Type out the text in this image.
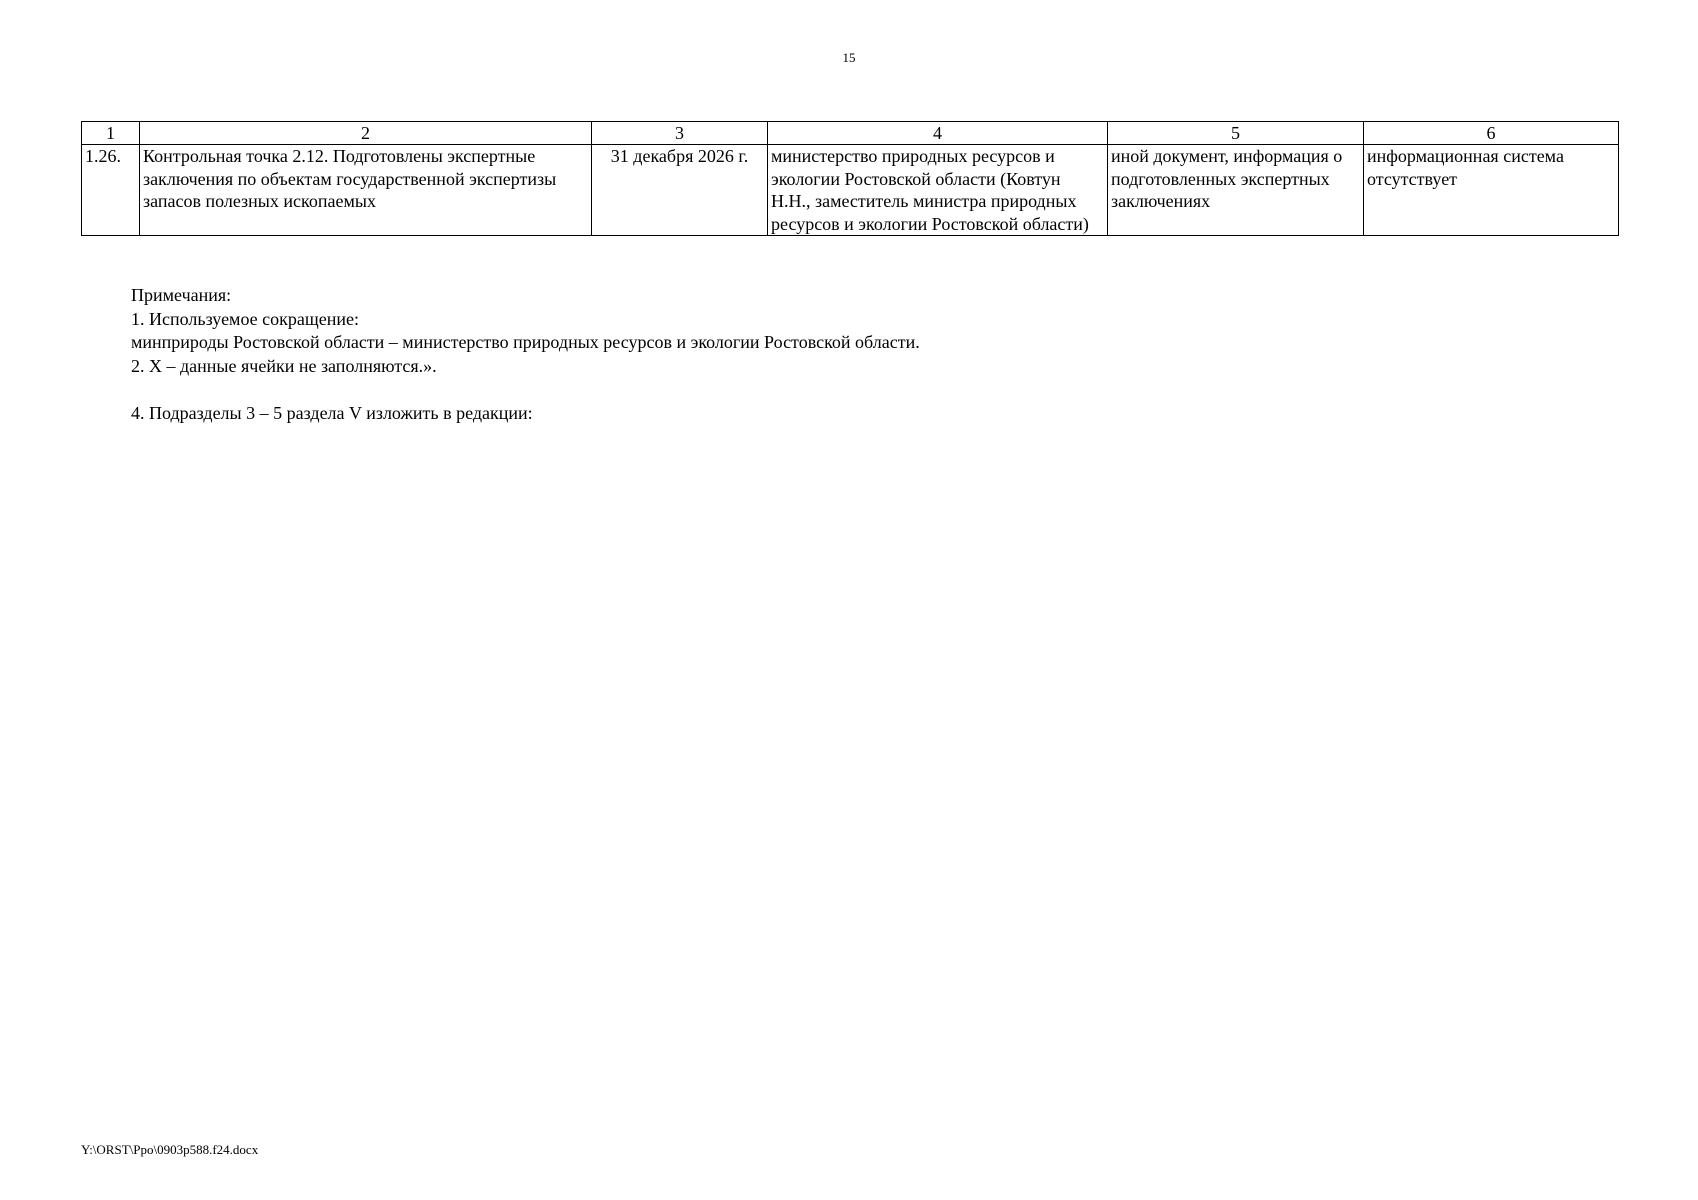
15
1	2	3	4	5	6
1.26.	Контрольная точка 2.12. Подготовлены экспертные заключения по объектам государственной экспертизы запасов полезных ископаемых	31 декабря 2026 г.	министерство природных ресурсов и экологии Ростовской области (Ковтун Н.Н., заместитель министра природных ресурсов и экологии Ростовской области)	иной документ, информация о подготовленных экспертных заключениях	информационная система отсутствует

Примечания:

1. Используемое сокращение:

минприроды Ростовской области – министерство природных ресурсов и экологии Ростовской области.

2. Х – данные ячейки не заполняются.».

4. Подразделы 3 – 5 раздела V изложить в редакции:

Y:\ORST\Ppo\0903p588.f24.docx
